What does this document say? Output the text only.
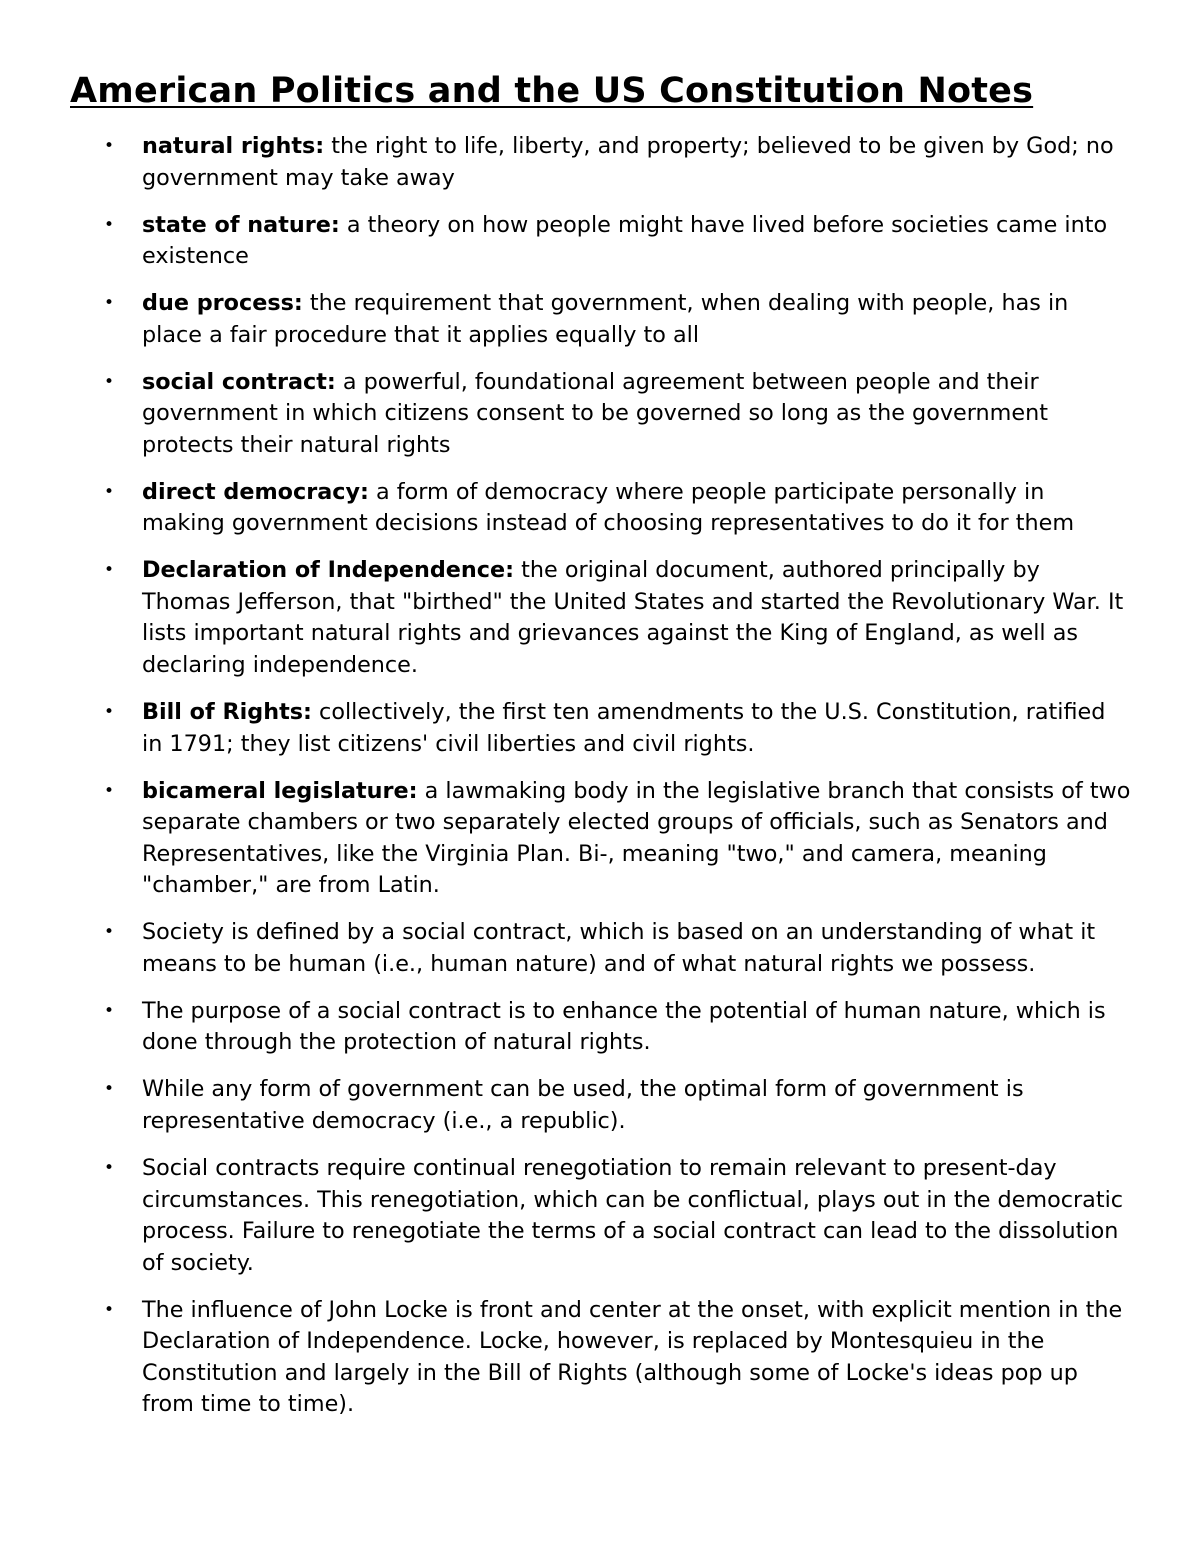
American Politics and the US Constitution Notes
• natural rights: the right to life, liberty, and property; believed to be given by God; no government may take away
• state of nature: a theory on how people might have lived before societies came into existence
• due process: the requirement that government, when dealing with people, has in place a fair procedure that it applies equally to all
• social contract: a powerful, foundational agreement between people and their government in which citizens consent to be governed so long as the government protects their natural rights
• direct democracy: a form of democracy where people participate personally in making government decisions instead of choosing representatives to do it for them
• Declaration of Independence: the original document, authored principally by Thomas Jefferson, that "birthed" the United States and started the Revolutionary War. It lists important natural rights and grievances against the King of England, as well as declaring independence.
• Bill of Rights: collectively, the first ten amendments to the U.S. Constitution, ratified in 1791; they list citizens' civil liberties and civil rights.
• bicameral legislature: a lawmaking body in the legislative branch that consists of two separate chambers or two separately elected groups of officials, such as Senators and Representatives, like the Virginia Plan. Bi-, meaning "two," and camera, meaning "chamber," are from Latin.
• Society is defined by a social contract, which is based on an understanding of what it means to be human (i.e., human nature) and of what natural rights we possess.
• The purpose of a social contract is to enhance the potential of human nature, which is done through the protection of natural rights.
• While any form of government can be used, the optimal form of government is representative democracy (i.e., a republic).
• Social contracts require continual renegotiation to remain relevant to present-day circumstances. This renegotiation, which can be conflictual, plays out in the democratic process. Failure to renegotiate the terms of a social contract can lead to the dissolution of society.
• The influence of John Locke is front and center at the onset, with explicit mention in the Declaration of Independence. Locke, however, is replaced by Montesquieu in the Constitution and largely in the Bill of Rights (although some of Locke's ideas pop up from time to time).
